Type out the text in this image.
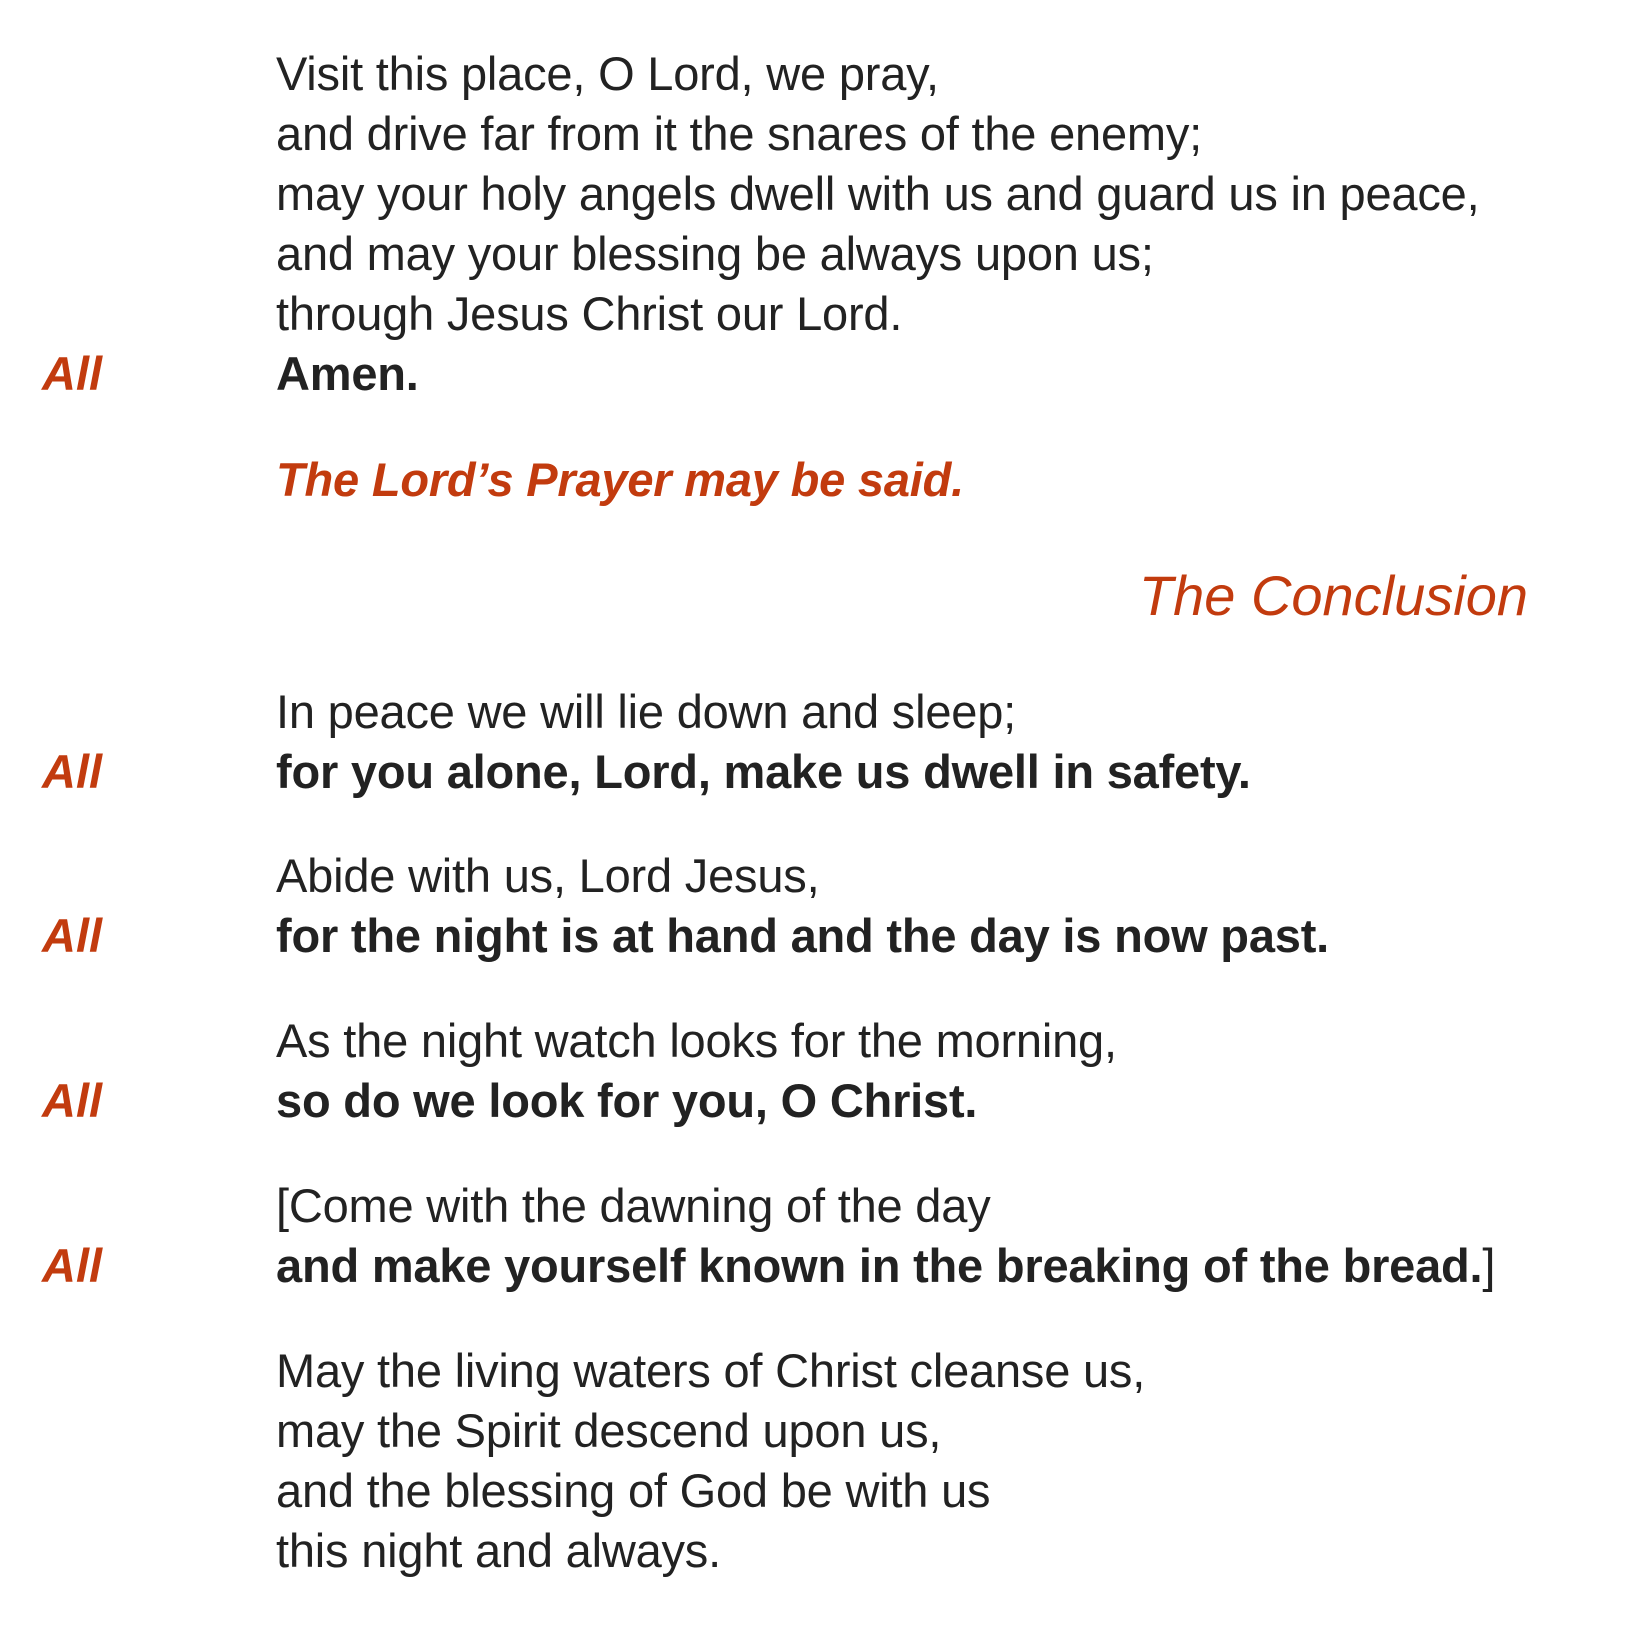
Visit this place, O Lord, we pray,
and drive far from it the snares of the enemy;
may your holy angels dwell with us and guard us in peace,
and may your blessing be always upon us;
through Jesus Christ our Lord.
All	Amen.
The Lord’s Prayer may be said.
The Conclusion
In peace we will lie down and sleep;
All	for you alone, Lord, make us dwell in safety.
Abide with us, Lord Jesus,
All	for the night is at hand and the day is now past.
As the night watch looks for the morning,
All	so do we look for you, O Christ.
[Come with the dawning of the day
All	and make yourself known in the breaking of the bread.]
May the living waters of Christ cleanse us,
may the Spirit descend upon us,
and the blessing of God be with us
this night and always.
